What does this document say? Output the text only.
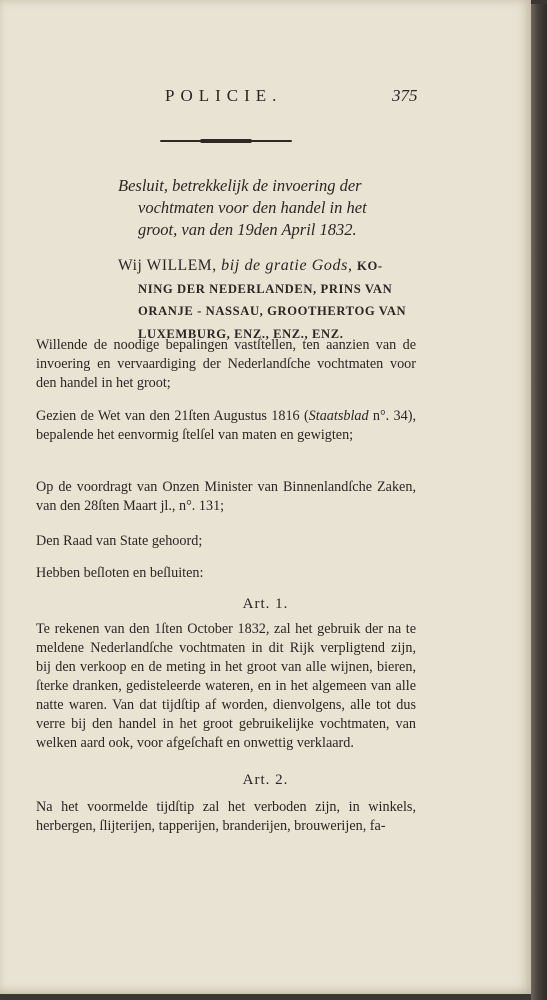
POLICIE.	375
Besluit, betrekkelijk de invoering der
vochtmaten voor den handel in het
groot, van den 19den April 1832.
Wij WILLEM, bij de gratie Gods, KO-
NING DER NEDERLANDEN, PRINS VAN
ORANJE - NASSAU, GROOTHERTOG VAN
LUXEMBURG, ENZ., ENZ., ENZ.

Willende de noodige bepalingen vastſtellen, ten aanzien van de invoering en vervaardiging der Nederlandſche vochtmaten voor den handel in het groot;

Gezien de Wet van den 21ſten Augustus 1816 (Staatsblad n°. 34), bepalende het eenvormig ſtelſel van maten en gewigten;

Op de voordragt van Onzen Minister van Binnenlandſche Zaken, van den 28ſten Maart jl., n°. 131;

Den Raad van State gehoord;

Hebben beſloten en beſluiten:

Art. 1.

Te rekenen van den 1ſten October 1832, zal het gebruik der na te meldene Nederlandſche vochtmaten in dit Rijk verpligtend zijn, bij den verkoop en de meting in het groot van alle wijnen, bieren, ſterke dranken, gedisteleerde wateren, en in het algemeen van alle natte waren. Van dat tijdſtip af worden, dienvolgens, alle tot dus verre bij den handel in het groot gebruikelijke vochtmaten, van welken aard ook, voor afgeſchaft en onwettig verklaard.

Art. 2.

Na het voormelde tijdſtip zal het verboden zijn, in winkels, herbergen, ſlijterijen, tapperijen, branderijen, brouwerijen, fa-
